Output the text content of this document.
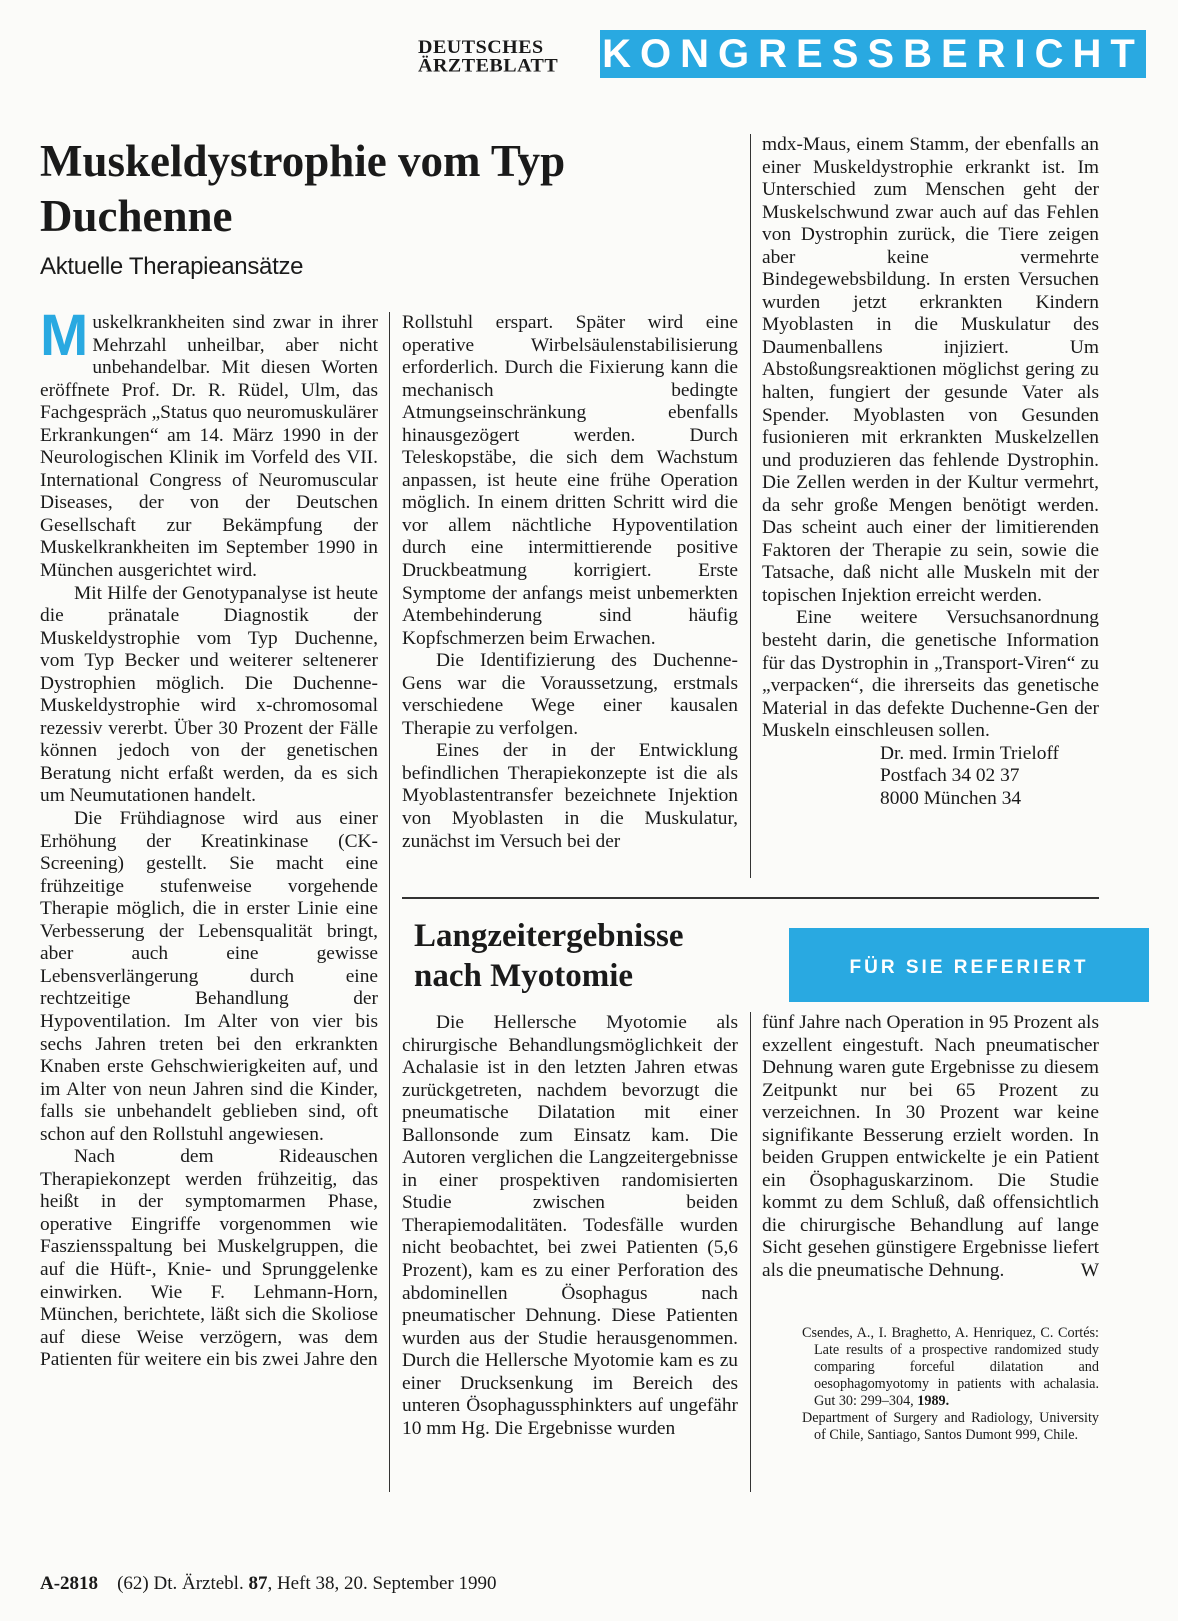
DEUTSCHES
ÄRZTEBLATT	KONGRESSBERICHT
Muskeldystrophie vom Typ
Duchenne
Aktuelle Therapieansätze

Muskelkrankheiten sind zwar in ihrer Mehrzahl unheilbar, aber nicht unbehandelbar. Mit diesen Worten eröffnete Prof. Dr. R. Rüdel, Ulm, das Fachgespräch „Status quo neuromuskulärer Erkrankungen“ am 14. März 1990 in der Neurologischen Klinik im Vorfeld des VII. International Congress of Neuromuscular Diseases, der von der Deutschen Gesellschaft zur Bekämpfung der Muskelkrankheiten im September 1990 in München ausgerichtet wird.

Mit Hilfe der Genotypanalyse ist heute die pränatale Diagnostik der Muskeldystrophie vom Typ Duchenne, vom Typ Becker und weiterer seltenerer Dystrophien möglich. Die Duchenne-Muskeldystrophie wird x-chromosomal rezessiv vererbt. Über 30 Prozent der Fälle können jedoch von der genetischen Beratung nicht erfaßt werden, da es sich um Neumutationen handelt.

Die Frühdiagnose wird aus einer Erhöhung der Kreatinkinase (CK-Screening) gestellt. Sie macht eine frühzeitige stufenweise vorgehende Therapie möglich, die in erster Linie eine Verbesserung der Lebensqualität bringt, aber auch eine gewisse Lebensverlängerung durch eine rechtzeitige Behandlung der Hypoventilation. Im Alter von vier bis sechs Jahren treten bei den erkrankten Knaben erste Gehschwierigkeiten auf, und im Alter von neun Jahren sind die Kinder, falls sie unbehandelt geblieben sind, oft schon auf den Rollstuhl angewiesen.

Nach dem Rideauschen Therapiekonzept werden frühzeitig, das heißt in der symptomarmen Phase, operative Eingriffe vorgenommen wie Fasziensspaltung bei Muskelgruppen, die auf die Hüft-, Knie- und Sprunggelenke einwirken. Wie F. Lehmann-Horn, München, berichtete, läßt sich die Skoliose auf diese Weise verzögern, was dem Patienten für weitere ein bis zwei Jahre den

Rollstuhl erspart. Später wird eine operative Wirbelsäulenstabilisierung erforderlich. Durch die Fixierung kann die mechanisch bedingte Atmungseinschränkung ebenfalls hinausgezögert werden. Durch Teleskopstäbe, die sich dem Wachstum anpassen, ist heute eine frühe Operation möglich. In einem dritten Schritt wird die vor allem nächtliche Hypoventilation durch eine intermittierende positive Druckbeatmung korrigiert. Erste Symptome der anfangs meist unbemerkten Atembehinderung sind häufig Kopfschmerzen beim Erwachen.

Die Identifizierung des Duchenne-Gens war die Voraussetzung, erstmals verschiedene Wege einer kausalen Therapie zu verfolgen.

Eines der in der Entwicklung befindlichen Therapiekonzepte ist die als Myoblastentransfer bezeichnete Injektion von Myoblasten in die Muskulatur, zunächst im Versuch bei der

mdx-Maus, einem Stamm, der ebenfalls an einer Muskeldystrophie erkrankt ist. Im Unterschied zum Menschen geht der Muskelschwund zwar auch auf das Fehlen von Dystrophin zurück, die Tiere zeigen aber keine vermehrte Bindegewebsbildung. In ersten Versuchen wurden jetzt erkrankten Kindern Myoblasten in die Muskulatur des Daumenballens injiziert. Um Abstoßungsreaktionen möglichst gering zu halten, fungiert der gesunde Vater als Spender. Myoblasten von Gesunden fusionieren mit erkrankten Muskelzellen und produzieren das fehlende Dystrophin. Die Zellen werden in der Kultur vermehrt, da sehr große Mengen benötigt werden. Das scheint auch einer der limitierenden Faktoren der Therapie zu sein, sowie die Tatsache, daß nicht alle Muskeln mit der topischen Injektion erreicht werden.

Eine weitere Versuchsanordnung besteht darin, die genetische Information für das Dystrophin in „Transport-Viren“ zu „verpacken“, die ihrerseits das genetische Material in das defekte Duchenne-Gen der Muskeln einschleusen sollen.

Dr. med. Irmin Trieloff
Postfach 34 02 37
8000 München 34
Langzeitergebnisse
nach Myotomie	FÜR SIE REFERIERT

Die Hellersche Myotomie als chirurgische Behandlungsmöglichkeit der Achalasie ist in den letzten Jahren etwas zurückgetreten, nachdem bevorzugt die pneumatische Dilatation mit einer Ballonsonde zum Einsatz kam. Die Autoren verglichen die Langzeitergebnisse in einer prospektiven randomisierten Studie zwischen beiden Therapiemodalitäten. Todesfälle wurden nicht beobachtet, bei zwei Patienten (5,6 Prozent), kam es zu einer Perforation des abdominellen Ösophagus nach pneumatischer Dehnung. Diese Patienten wurden aus der Studie herausgenommen. Durch die Hellersche Myotomie kam es zu einer Drucksenkung im Bereich des unteren Ösophagussphinkters auf ungefähr 10 mm Hg. Die Ergebnisse wurden

fünf Jahre nach Operation in 95 Prozent als exzellent eingestuft. Nach pneumatischer Dehnung waren gute Ergebnisse zu diesem Zeitpunkt nur bei 65 Prozent zu verzeichnen. In 30 Prozent war keine signifikante Besserung erzielt worden. In beiden Gruppen entwickelte je ein Patient ein Ösophaguskarzinom. Die Studie kommt zu dem Schluß, daß offensichtlich die chirurgische Behandlung auf lange Sicht gesehen günstigere Ergebnisse liefert als die pneumatische Dehnung.	W

Csendes, A., I. Braghetto, A. Henriquez, C. Cortés: Late results of a prospective randomized study comparing forceful dilatation and oesophagomyotomy in patients with achalasia. Gut 30: 299–304, 1989.

Department of Surgery and Radiology, University of Chile, Santiago, Santos Dumont 999, Chile.

A-2818 (62) Dt. Ärztebl. 87, Heft 38, 20. September 1990
